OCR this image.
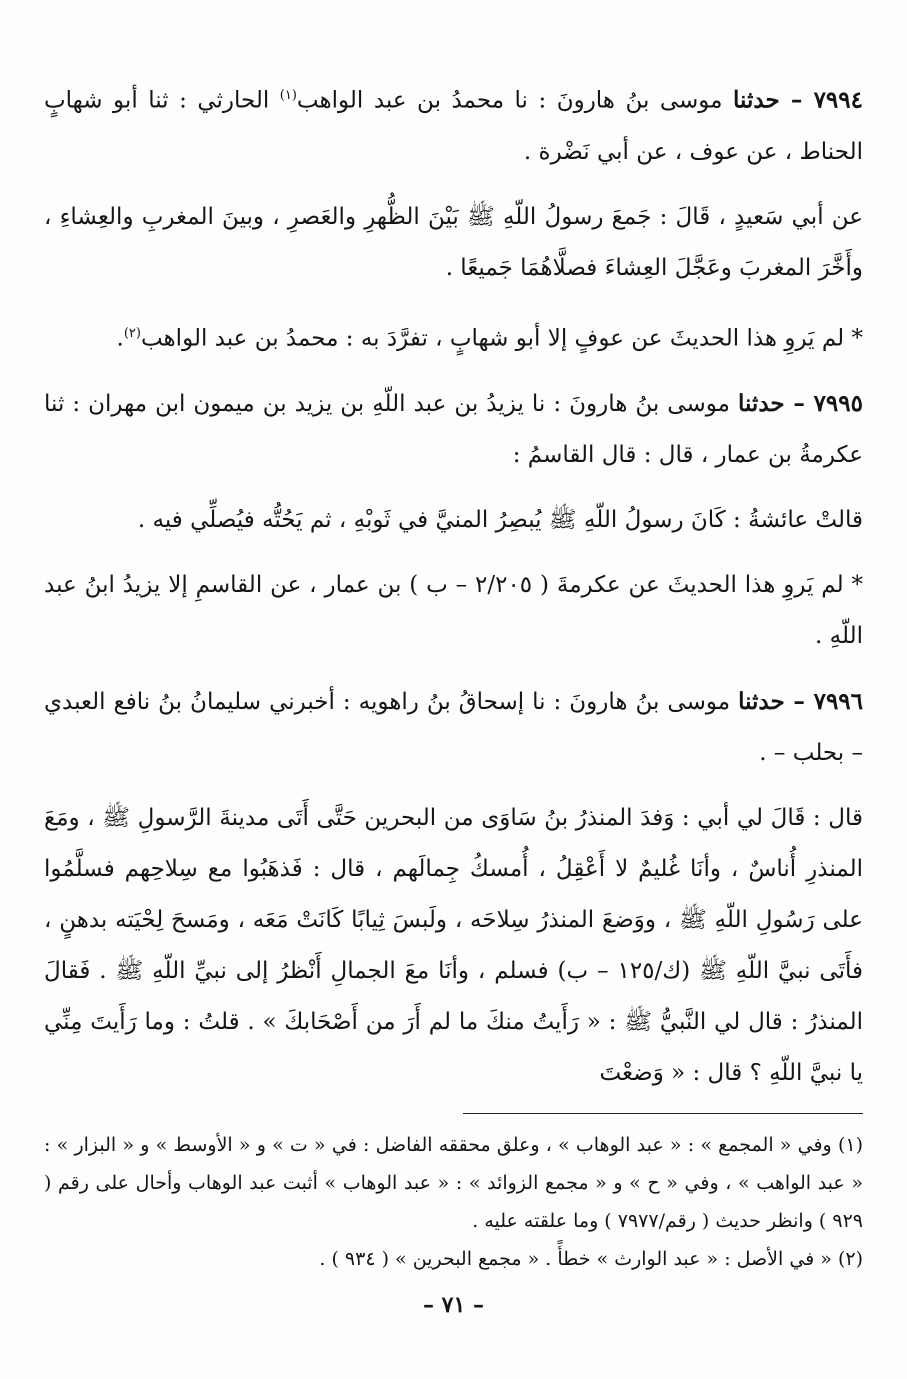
٧٩٩٤ – حدثنا موسى بنُ هارونَ : نا محمدُ بن عبد الواهب$^{(١)}$ الحارثي : ثنا أبو شهابٍ الحناط ، عن عوف ، عن أبي نَضْرة .

عن أبي سَعيدٍ ، قَالَ : جَمعَ رسولُ اللّهِ ﷺ بَيْنَ الظُّهرِ والعَصرِ ، وبينَ المغربِ والعِشاءِ ، وأَخَّرَ المغربَ وعَجَّلَ العِشاءَ فصلَّاهُمَا جَميعًا .

* لم يَروِ هذا الحديثَ عن عوفٍ إلا أبو شهابٍ ، تفرَّدَ به : محمدُ بن عبد الواهب$^{(٢)}$.

٧٩٩٥ – حدثنا موسى بنُ هارونَ : نا يزيدُ بن عبد اللّهِ بن يزيد بن ميمون ابن مهران : ثنا عكرمةُ بن عمار ، قال : قال القاسمُ :

قالتْ عائشةُ : كَانَ رسولُ اللّهِ ﷺ يُبصِرُ المنيَّ في ثَوبْهِ ، ثم يَحُتُّه فيُصلِّي فيه .

* لم يَروِ هذا الحديثَ عن عكرمةَ ( ٢/٢٠٥ – ب ) بن عمار ، عن القاسمِ إلا يزيدُ ابنُ عبد اللّهِ .

٧٩٩٦ – حدثنا موسى بنُ هارونَ : نا إسحاقُ بنُ راهويه : أخبرني سليمانُ بنُ نافع العبدي – بحلب – .

قال : قَالَ لي أبي : وَفدَ المنذرُ بنُ سَاوَى من البحرين حَتَّى أَتَى مدينةَ الرَّسولِ ﷺ ، ومَعَ المنذرِ أُناسٌ ، وأنَا غُليمٌ لا أَعْقِلُ ، أُمسكُ جِمالَهم ، قال : فَذهَبُوا مع سِلاحِهم فسلَّمُوا على رَسُولِ اللّهِ ﷺ ، ووَضعَ المنذرُ سِلاحَه ، ولَبسَ ثِيابًا كَانَتْ مَعَه ، ومَسحَ لِحْيَته بدهنٍ ، فأَتَى نبيَّ اللّهِ ﷺ (ك/١٢٥ – ب) فسلم ، وأنَا معَ الجمالِ أَنْظرُ إلى نبيِّ اللّهِ ﷺ . فَقالَ المنذرُ : قال لي النَّبيُّ ﷺ : « رَأَيتُ منكَ ما لم أَرَ من أَصْحَابكَ » . قلتُ : وما رَأَيتَ مِنِّي يا نبيَّ اللّهِ ؟ قال : « وَضعْتَ

(١) وفي « المجمع » : « عبد الوهاب » ، وعلق محققه الفاضل : في « ت » و « الأوسط » و « البزار » : « عبد الواهب » ، وفي « ح » و « مجمع الزوائد » : « عبد الوهاب » أثبت عبد الوهاب وأحال على رقم ( ٩٢٩ ) وانظر حديث ( رقم/٧٩٧٧ ) وما علقته عليه .

(٢) « في الأصل : « عبد الوارث » خطأً . « مجمع البحرين » ( ٩٣٤ ) .

– ٧١ –
